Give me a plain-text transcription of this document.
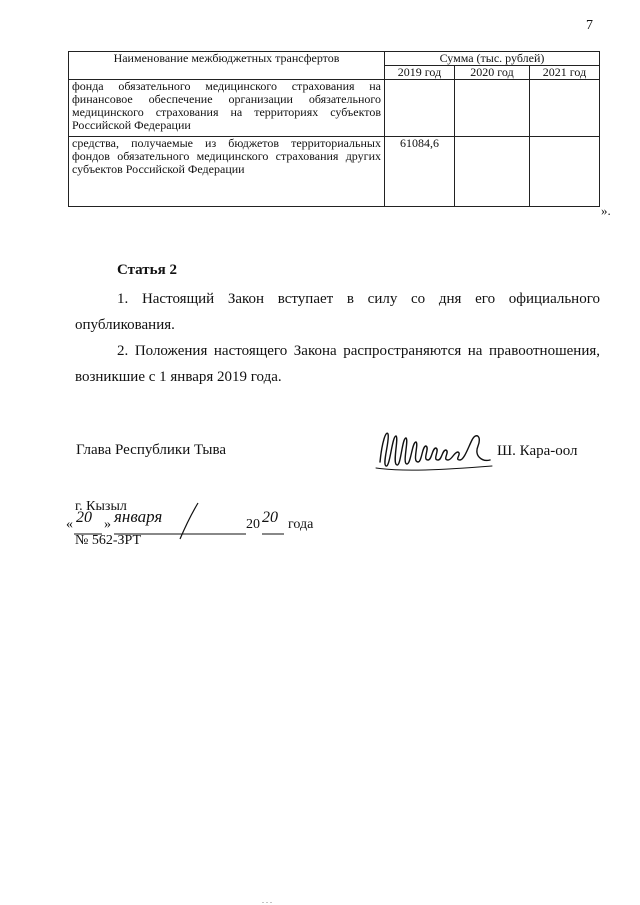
7
Наименование межбюджетных трансфертов	Сумма (тыс. рублей)		
	2019 год	2020 год	2021 год
фонда обязательного медицинского страхования на финансовое обеспечение организации обязательного медицинского страхования на территориях субъектов Российской Федерации			
средства, получаемые из бюджетов территориальных фондов обязательного медицинского страхования других субъектов Российской Федерации	61084,6		
».
Статья 2
1. Настоящий Закон вступает в силу со дня его официального
опубликования.
2. Положения настоящего Закона распространяются на правоотношения, возникшие с 1 января 2019 года.
Глава Республики Тыва	Ш. Кара-оол
г. Кызыл
« 20 » января	20 20 года
№ 562-ЗРТ
. . .
